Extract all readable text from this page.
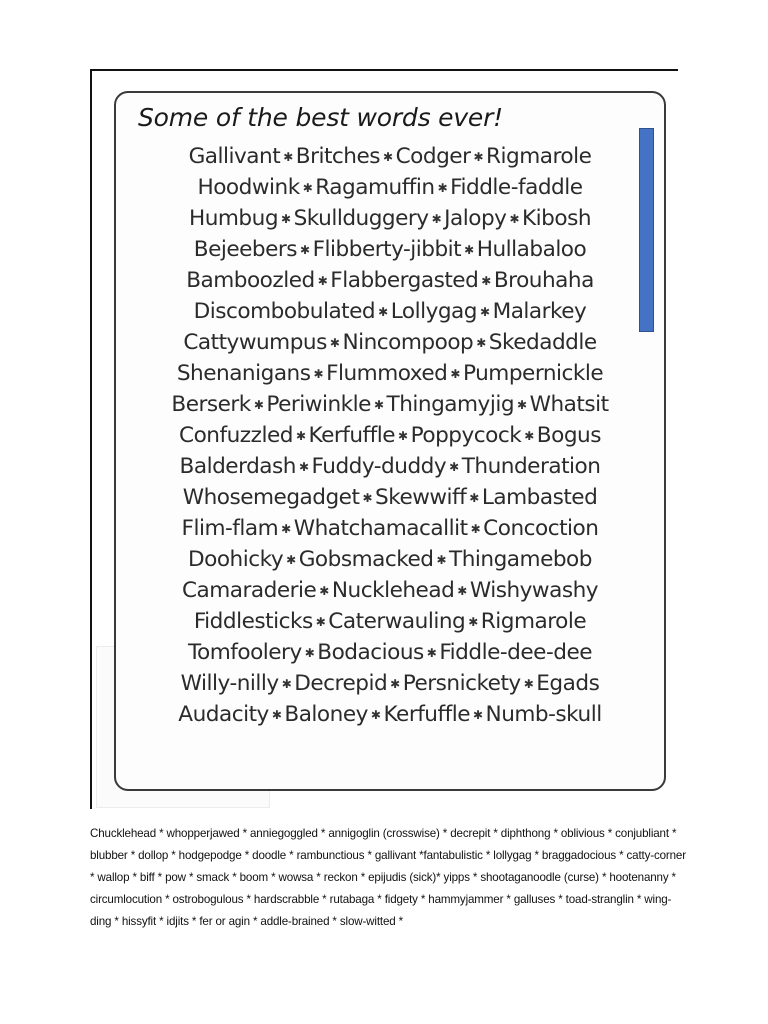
Some of the best words ever!
Gallivant ✱ Britches ✱ Codger ✱ Rigmarole
Hoodwink ✱ Ragamuffin ✱ Fiddle-faddle
Humbug ✱ Skullduggery ✱ Jalopy ✱ Kibosh
Bejeebers ✱ Flibberty-jibbit ✱ Hullabaloo
Bamboozled ✱ Flabbergasted ✱ Brouhaha
Discombobulated ✱ Lollygag ✱ Malarkey
Cattywumpus ✱ Nincompoop ✱ Skedaddle
Shenanigans ✱ Flummoxed ✱ Pumpernickle
Berserk ✱ Periwinkle ✱ Thingamyjig ✱ Whatsit
Confuzzled ✱ Kerfuffle ✱ Poppycock ✱ Bogus
Balderdash ✱ Fuddy-duddy ✱ Thunderation
Whosemegadget ✱ Skewwiff ✱ Lambasted
Flim-flam ✱ Whatchamacallit ✱ Concoction
Doohicky ✱ Gobsmacked ✱ Thingamebob
Camaraderie ✱ Nucklehead ✱ Wishywashy
Fiddlesticks ✱ Caterwauling ✱ Rigmarole
Tomfoolery ✱ Bodacious ✱ Fiddle-dee-dee
Willy-nilly ✱ Decrepid ✱ Persnickety ✱ Egads
Audacity ✱ Baloney ✱ Kerfuffle ✱ Numb-skull

Chucklehead * whopperjawed * anniegoggled * annigoglin (crosswise) * decrepit * diphthong * oblivious * conjubliant * blubber * dollop * hodgepodge * doodle * rambunctious * gallivant *fantabulistic * lollygag * braggadocious * catty-corner * wallop * biff * pow * smack * boom * wowsa * reckon * epijudis (sick)* yipps * shootaganoodle (curse) * hootenanny * circumlocution * ostrobogulous * hardscrabble * rutabaga * fidgety * hammyjammer * galluses * toad-stranglin * wing-ding * hissyfit * idjits * fer or agin * addle-brained * slow-witted *
